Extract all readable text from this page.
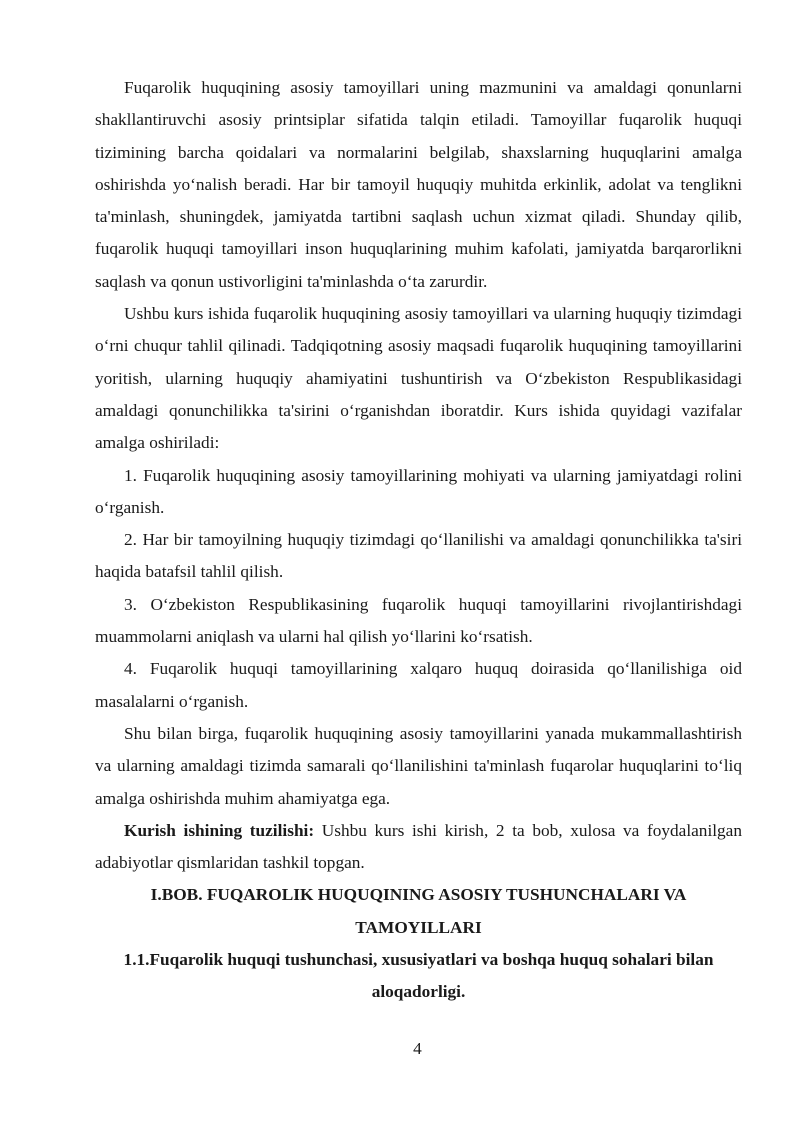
Fuqarolik huquqining asosiy tamoyillari uning mazmunini va amaldagi qonunlarni shakllantiruvchi asosiy printsiplar sifatida talqin etiladi. Tamoyillar fuqarolik huquqi tizimining barcha qoidalari va normalarini belgilab, shaxslarning huquqlarini amalga oshirishda yo‘nalish beradi. Har bir tamoyil huquqiy muhitda erkinlik, adolat va tenglikni ta'minlash, shuningdek, jamiyatda tartibni saqlash uchun xizmat qiladi. Shunday qilib, fuqarolik huquqi tamoyillari inson huquqlarining muhim kafolati, jamiyatda barqarorlikni saqlash va qonun ustivorligini ta'minlashda o‘ta zarurdir.

Ushbu kurs ishida fuqarolik huquqining asosiy tamoyillari va ularning huquqiy tizimdagi o‘rni chuqur tahlil qilinadi. Tadqiqotning asosiy maqsadi fuqarolik huquqining tamoyillarini yoritish, ularning huquqiy ahamiyatini tushuntirish va O‘zbekiston Respublikasidagi amaldagi qonunchilikka ta'sirini o‘rganishdan iboratdir. Kurs ishida quyidagi vazifalar amalga oshiriladi:

1. Fuqarolik huquqining asosiy tamoyillarining mohiyati va ularning jamiyatdagi rolini o‘rganish.

2. Har bir tamoyilning huquqiy tizimdagi qo‘llanilishi va amaldagi qonunchilikka ta'siri haqida batafsil tahlil qilish.

3. O‘zbekiston Respublikasining fuqarolik huquqi tamoyillarini rivojlantirishdagi muammolarni aniqlash va ularni hal qilish yo‘llarini ko‘rsatish.

4. Fuqarolik huquqi tamoyillarining xalqaro huquq doirasida qo‘llanilishiga oid masalalarni o‘rganish.

Shu bilan birga, fuqarolik huquqining asosiy tamoyillarini yanada mukammallashtirish va ularning amaldagi tizimda samarali qo‘llanilishini ta'minlash fuqarolar huquqlarini to‘liq amalga oshirishda muhim ahamiyatga ega.

Kurish ishining tuzilishi: Ushbu kurs ishi kirish, 2 ta bob, xulosa va foydalanilgan adabiyotlar qismlaridan tashkil topgan.

I.BOB. FUQAROLIK HUQUQINING ASOSIY TUSHUNCHALARI VA TAMOYILLARI

1.1.Fuqarolik huquqi tushunchasi, xususiyatlari va boshqa huquq sohalari bilan aloqadorligi.

4
